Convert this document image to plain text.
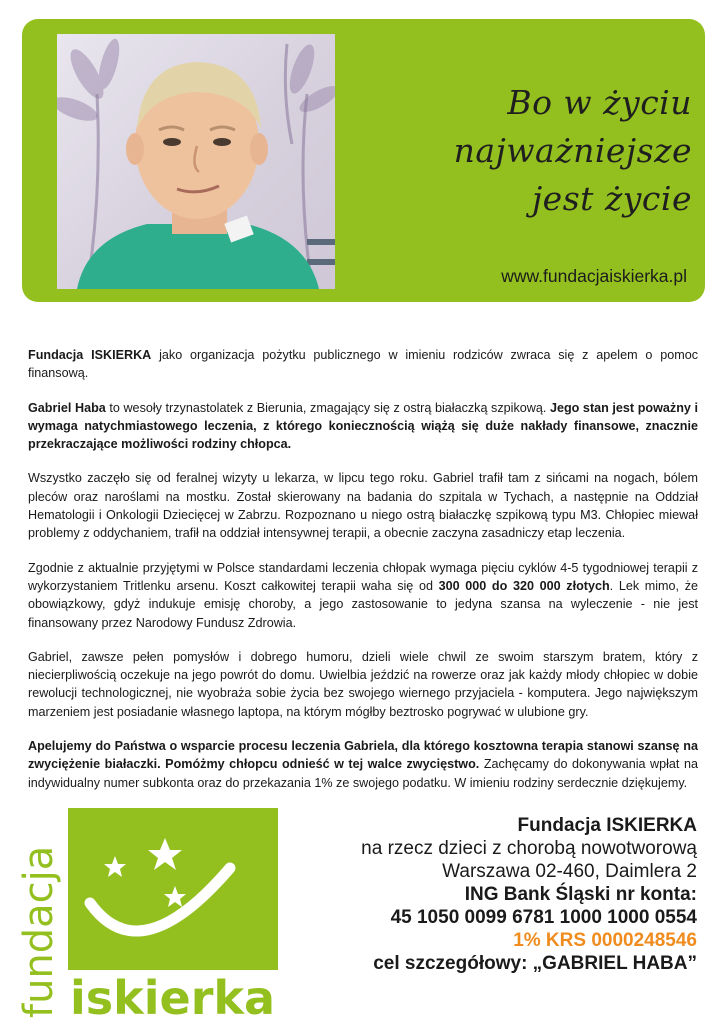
Bo w życiu
najważniejsze
jest życie
www.fundacjaiskierka.pl

Fundacja ISKIERKA jako organizacja pożytku publicznego w imieniu rodziców zwraca się z apelem o pomoc finansową.

Gabriel Haba to wesoły trzynastolatek z Bierunia, zmagający się z ostrą białaczką szpikową. Jego stan jest poważny i wymaga natychmiastowego leczenia, z którego koniecznością wiążą się duże nakłady finansowe, znacznie przekraczające możliwości rodziny chłopca.

Wszystko zaczęło się od feralnej wizyty u lekarza, w lipcu tego roku. Gabriel trafił tam z sińcami na nogach, bólem pleców oraz naroślami na mostku. Został skierowany na badania do szpitala w Tychach, a następnie na Oddział Hematologii i Onkologii Dziecięcej w Zabrzu. Rozpoznano u niego ostrą białaczkę szpikową typu M3. Chłopiec miewał problemy z oddychaniem, trafił na oddział intensywnej terapii, a obecnie zaczyna zasadniczy etap leczenia.

Zgodnie z aktualnie przyjętymi w Polsce standardami leczenia chłopak wymaga pięciu cyklów 4-5 tygodniowej terapii z wykorzystaniem Tritlenku arsenu. Koszt całkowitej terapii waha się od 300 000 do 320 000 złotych. Lek mimo, że obowiązkowy, gdyż indukuje emisję choroby, a jego zastosowanie to jedyna szansa na wyleczenie - nie jest finansowany przez Narodowy Fundusz Zdrowia.

Gabriel, zawsze pełen pomysłów i dobrego humoru, dzieli wiele chwil ze swoim starszym bratem, który z niecierpliwością oczekuje na jego powrót do domu. Uwielbia jeździć na rowerze oraz jak każdy młody chłopiec w dobie rewolucji technologicznej, nie wyobraża sobie życia bez swojego wiernego przyjaciela - komputera. Jego największym marzeniem jest posiadanie własnego laptopa, na którym mógłby beztrosko pogrywać w ulubione gry.

Apelujemy do Państwa o wsparcie procesu leczenia Gabriela, dla którego kosztowna terapia stanowi szansę na zwyciężenie białaczki. Pomóżmy chłopcu odnieść w tej walce zwycięstwo. Zachęcamy do dokonywania wpłat na indywidualny numer subkonta oraz do przekazania 1% ze swojego podatku. W imieniu rodziny serdecznie dziękujemy.

fundacja iskierka
Fundacja ISKIERKA
na rzecz dzieci z chorobą nowotworową
Warszawa 02-460, Daimlera 2
ING Bank Śląski nr konta:
45 1050 0099 6781 1000 1000 0554
1% KRS 0000248546
cel szczegółowy: „GABRIEL HABA”
